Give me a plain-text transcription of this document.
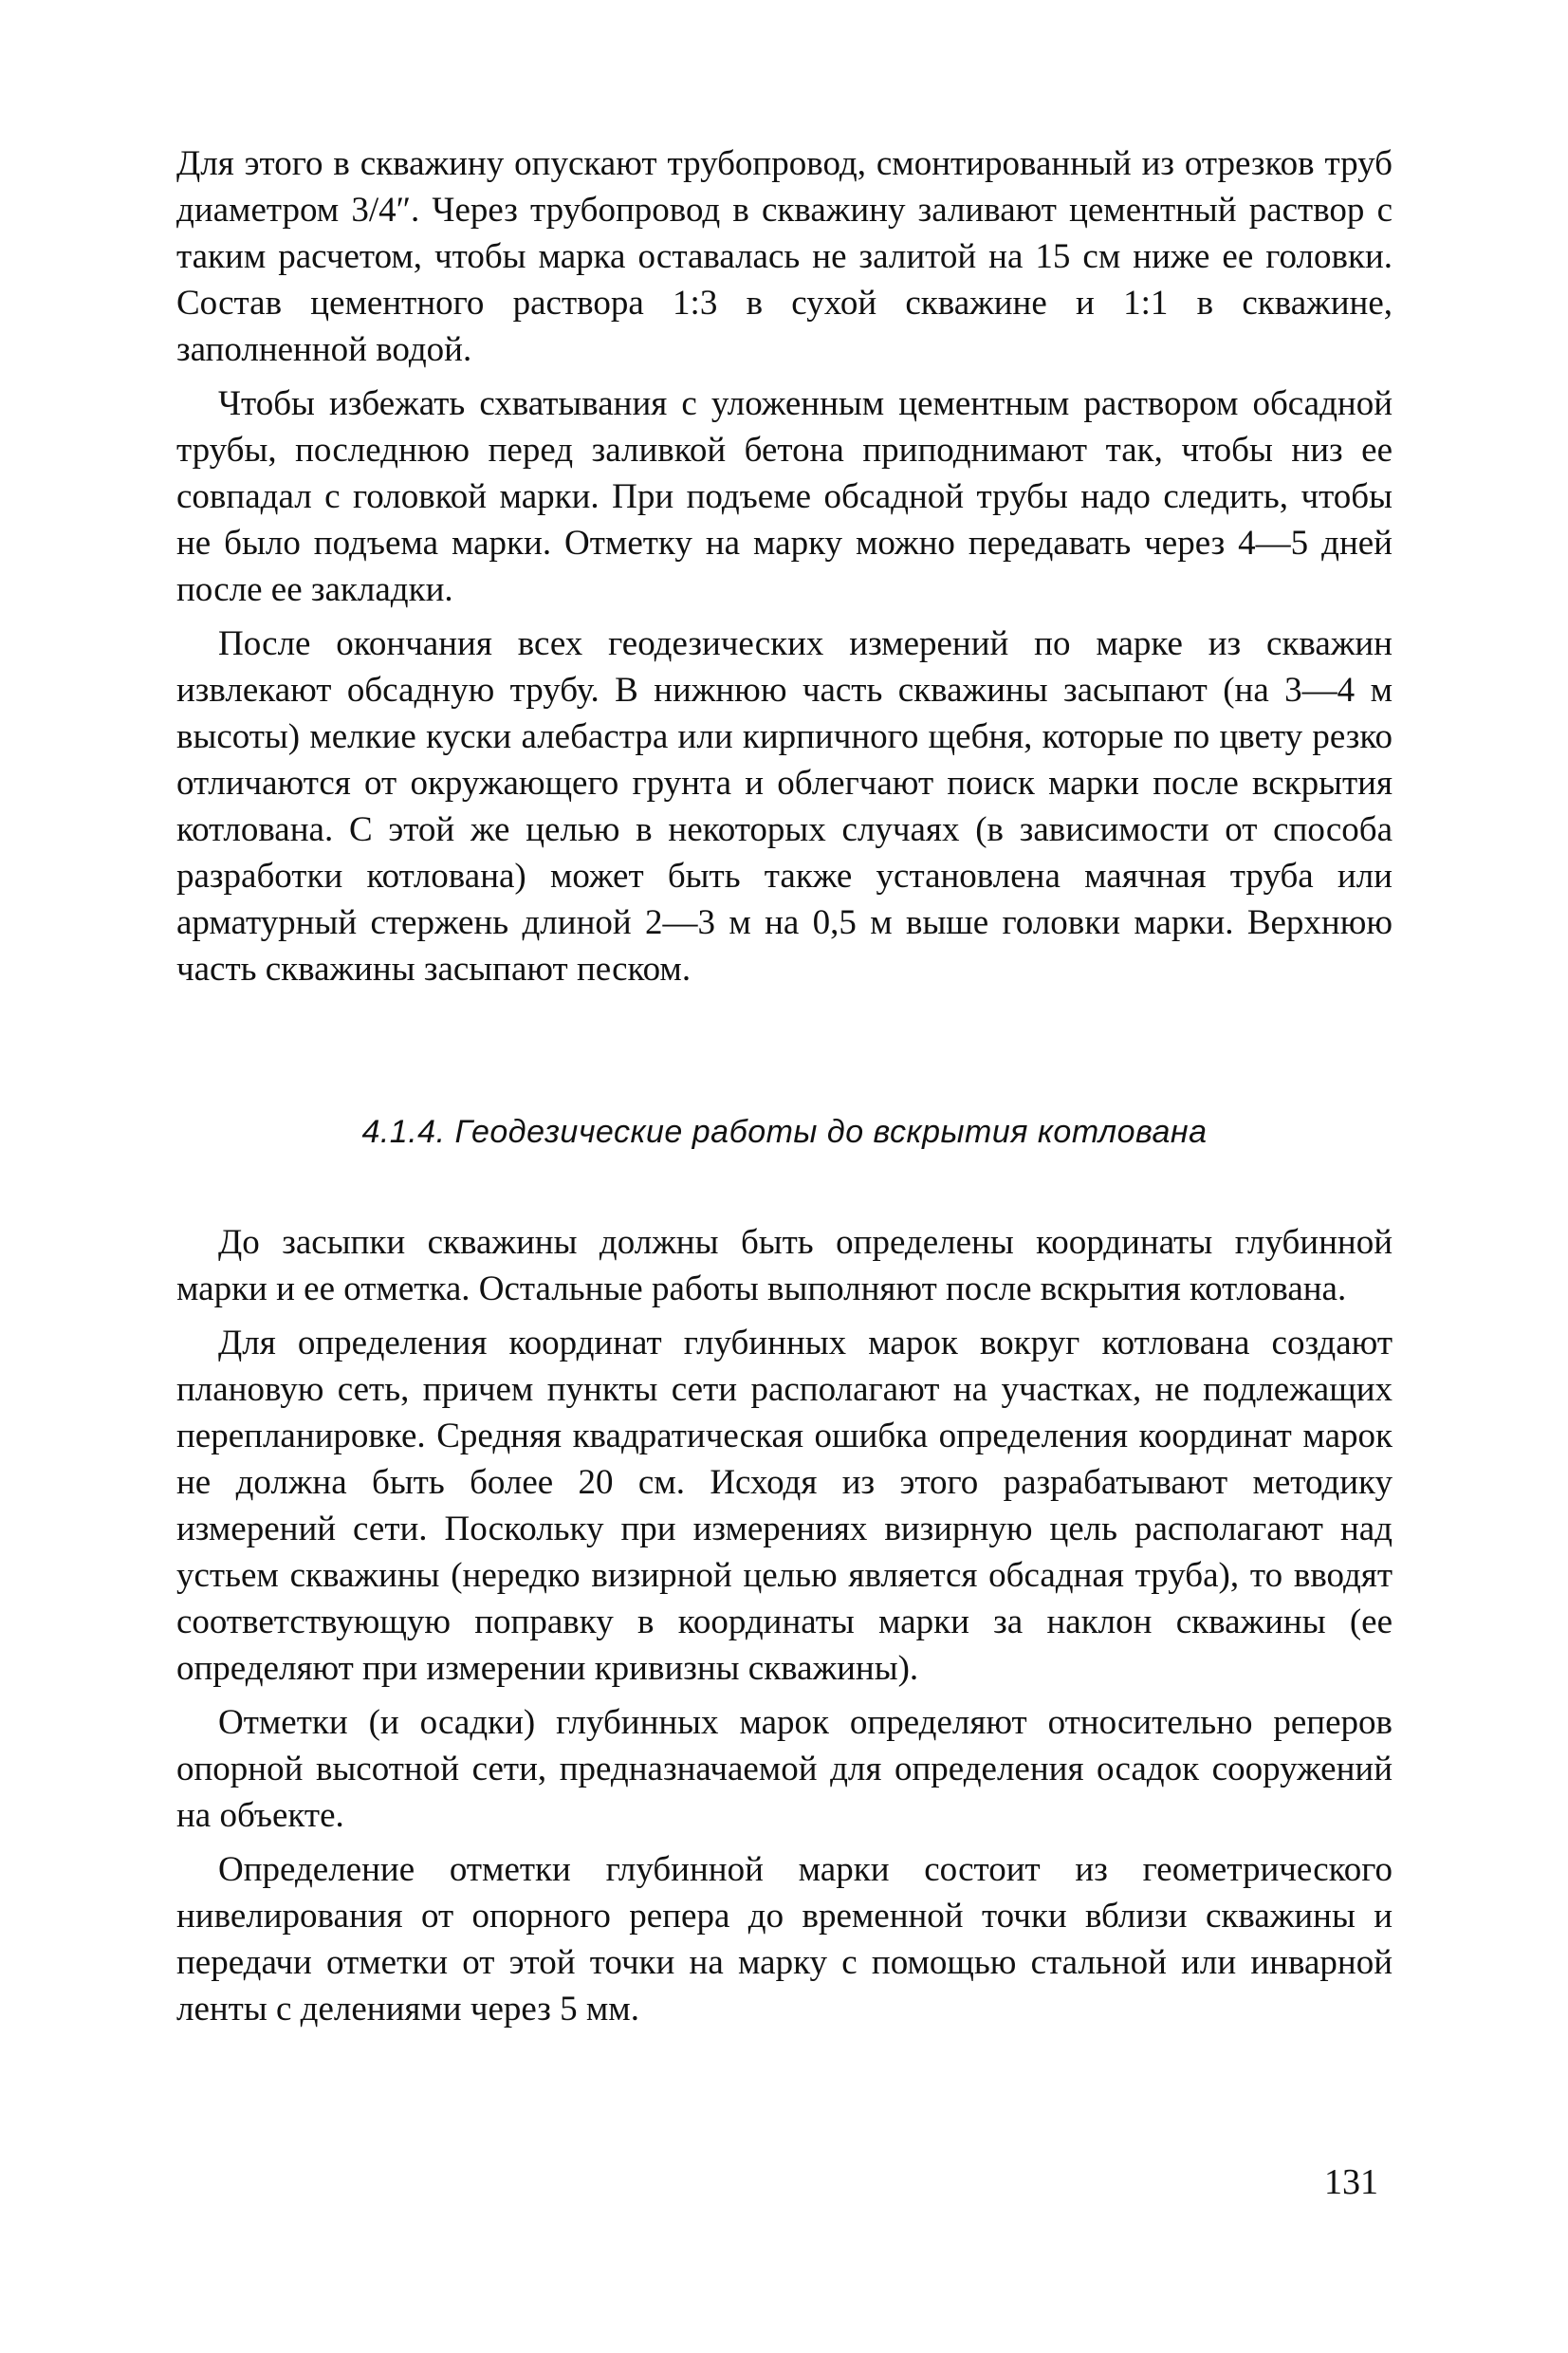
Для этого в скважину опускают трубопровод, смонтированный из отрезков труб диаметром 3/4″. Через трубопровод в скважину заливают цементный раствор с таким расчетом, чтобы марка оставалась не залитой на 15 см ниже ее головки. Состав цементного раствора 1:3 в сухой скважине и 1:1 в скважине, заполненной водой.

Чтобы избежать схватывания с уложенным цементным раствором обсадной трубы, последнюю перед заливкой бетона приподнимают так, чтобы низ ее совпадал с головкой марки. При подъеме обсадной трубы надо следить, чтобы не было подъема марки. Отметку на марку можно передавать через 4—5 дней после ее закладки.

После окончания всех геодезических измерений по марке из скважин извлекают обсадную трубу. В нижнюю часть скважины засыпают (на 3—4 м высоты) мелкие куски алебастра или кирпичного щебня, которые по цвету резко отличаются от окружающего грунта и облегчают поиск марки после вскрытия котлована. С этой же целью в некоторых случаях (в зависимости от способа разработки котлована) может быть также установлена маячная труба или арматурный стержень длиной 2—3 м на 0,5 м выше головки марки. Верхнюю часть скважины засыпают песком.

4.1.4. Геодезические работы до вскрытия котлована

До засыпки скважины должны быть определены координаты глубинной марки и ее отметка. Остальные работы выполняют после вскрытия котлована.

Для определения координат глубинных марок вокруг котлована создают плановую сеть, причем пункты сети располагают на участках, не подлежащих перепланировке. Средняя квадратическая ошибка определения координат марок не должна быть более 20 см. Исходя из этого разрабатывают методику измерений сети. Поскольку при измерениях визирную цель располагают над устьем скважины (нередко визирной целью является обсадная труба), то вводят соответствующую поправку в координаты марки за наклон скважины (ее определяют при измерении кривизны скважины).

Отметки (и осадки) глубинных марок определяют относительно реперов опорной высотной сети, предназначаемой для определения осадок сооружений на объекте.

Определение отметки глубинной марки состоит из геометрического нивелирования от опорного репера до временной точки вблизи скважины и передачи отметки от этой точки на марку с помощью стальной или инварной ленты с делениями через 5 мм.

131
